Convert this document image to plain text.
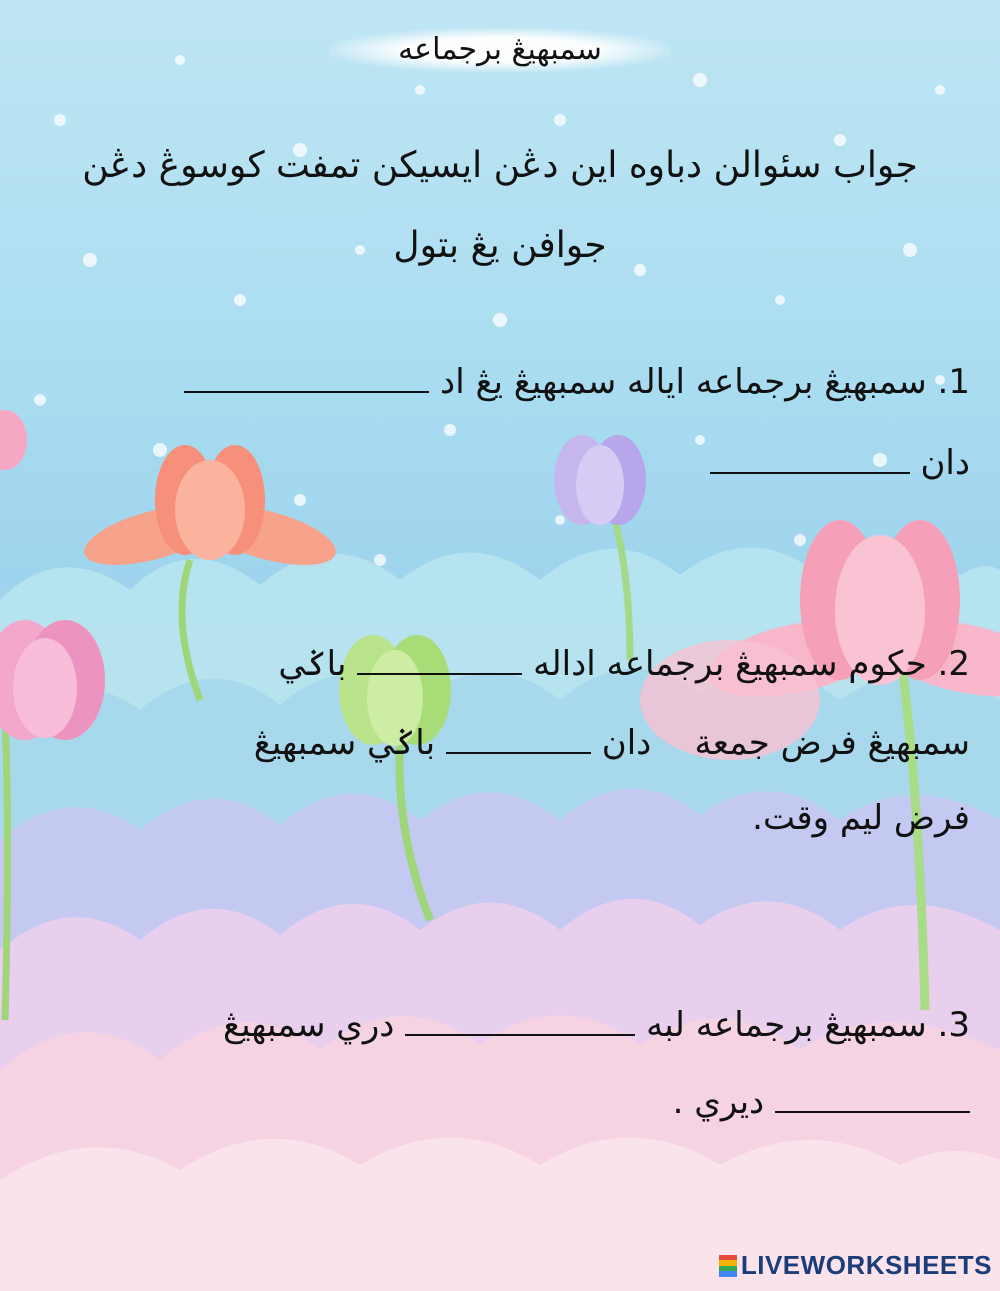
سمبهيڠ برجماعه
جواب سئوالن دباوه اين دڠن ايسيكن تمفت كوسوڠ دڠن
جوافن يڠ بتول
1. سمبهيڠ برجماعه اياله سمبهيڠ يڠ اد
دان
2. حكوم سمبهيڠ برجماعه اداله  باݢي
سمبهيڠ فرض جمعة    دان  باݢي سمبهيڠ
فرض ليم وقت.
3. سمبهيڠ برجماعه لبه  دري سمبهيڠ
ديري .
LIVEWORKSHEETS
